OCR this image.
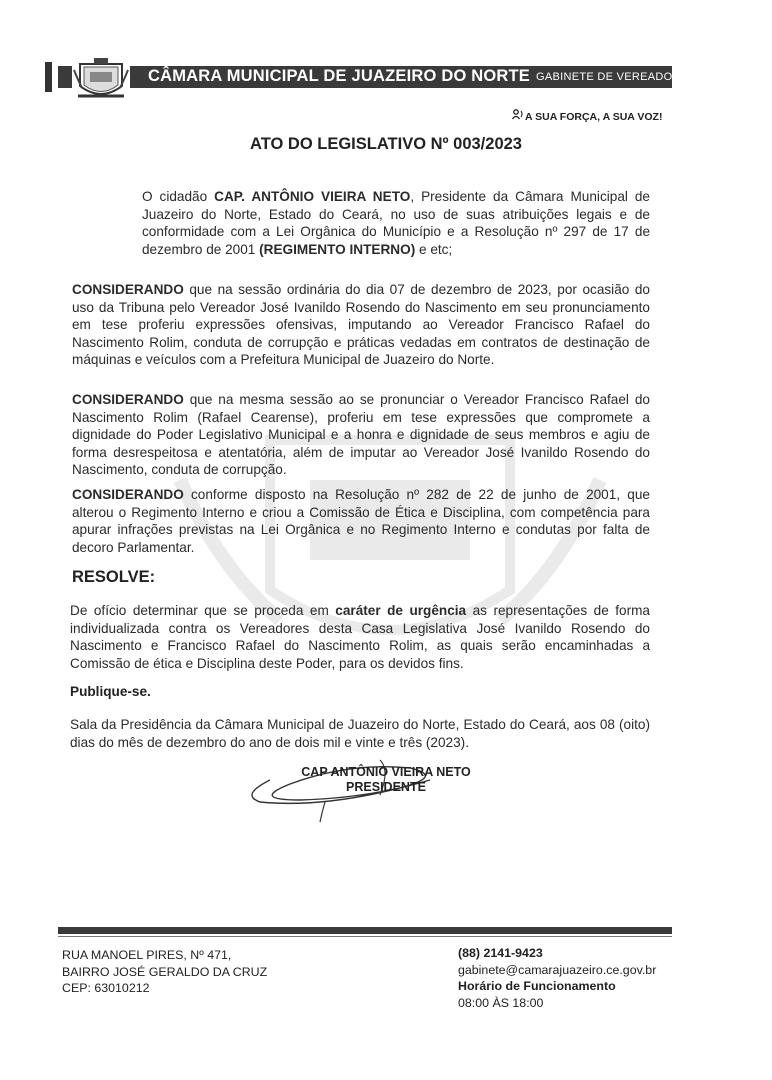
CÂMARA MUNICIPAL DE JUAZEIRO DO NORTE GABINETE DE VEREADOR
A SUA FORÇA, A SUA VOZ!
ATO DO LEGISLATIVO Nº 003/2023
O cidadão CAP. ANTÔNIO VIEIRA NETO, Presidente da Câmara Municipal de Juazeiro do Norte, Estado do Ceará, no uso de suas atribuições legais e de conformidade com a Lei Orgânica do Município e a Resolução nº 297 de 17 de dezembro de 2001 (REGIMENTO INTERNO) e etc;
CONSIDERANDO que na sessão ordinária do dia 07 de dezembro de 2023, por ocasião do uso da Tribuna pelo Vereador José Ivanildo Rosendo do Nascimento em seu pronunciamento em tese proferiu expressões ofensivas, imputando ao Vereador Francisco Rafael do Nascimento Rolim, conduta de corrupção e práticas vedadas em contratos de destinação de máquinas e veículos com a Prefeitura Municipal de Juazeiro do Norte.
CONSIDERANDO que na mesma sessão ao se pronunciar o Vereador Francisco Rafael do Nascimento Rolim (Rafael Cearense), proferiu em tese expressões que compromete a dignidade do Poder Legislativo Municipal e a honra e dignidade de seus membros e agiu de forma desrespeitosa e atentatória, além de imputar ao Vereador José Ivanildo Rosendo do Nascimento, conduta de corrupção.
CONSIDERANDO conforme disposto na Resolução nº 282 de 22 de junho de 2001, que alterou o Regimento Interno e criou a Comissão de Ética e Disciplina, com competência para apurar infrações previstas na Lei Orgânica e no Regimento Interno e condutas por falta de decoro Parlamentar.
RESOLVE:
De ofício determinar que se proceda em caráter de urgência as representações de forma individualizada contra os Vereadores desta Casa Legislativa José Ivanildo Rosendo do Nascimento e Francisco Rafael do Nascimento Rolim, as quais serão encaminhadas a Comissão de ética e Disciplina deste Poder, para os devidos fins.
Publique-se.
Sala da Presidência da Câmara Municipal de Juazeiro do Norte, Estado do Ceará, aos 08 (oito) dias do mês de dezembro do ano de dois mil e vinte e três (2023).
CAP ANTÔNIO VIEIRA NETO
PRESIDENTE
RUA MANOEL PIRES, Nº 471,
BAIRRO JOSÉ GERALDO DA CRUZ
CEP: 63010212
(88) 2141-9423
gabinete@camarajuazeiro.ce.gov.br
Horário de Funcionamento
08:00 ÀS 18:00
